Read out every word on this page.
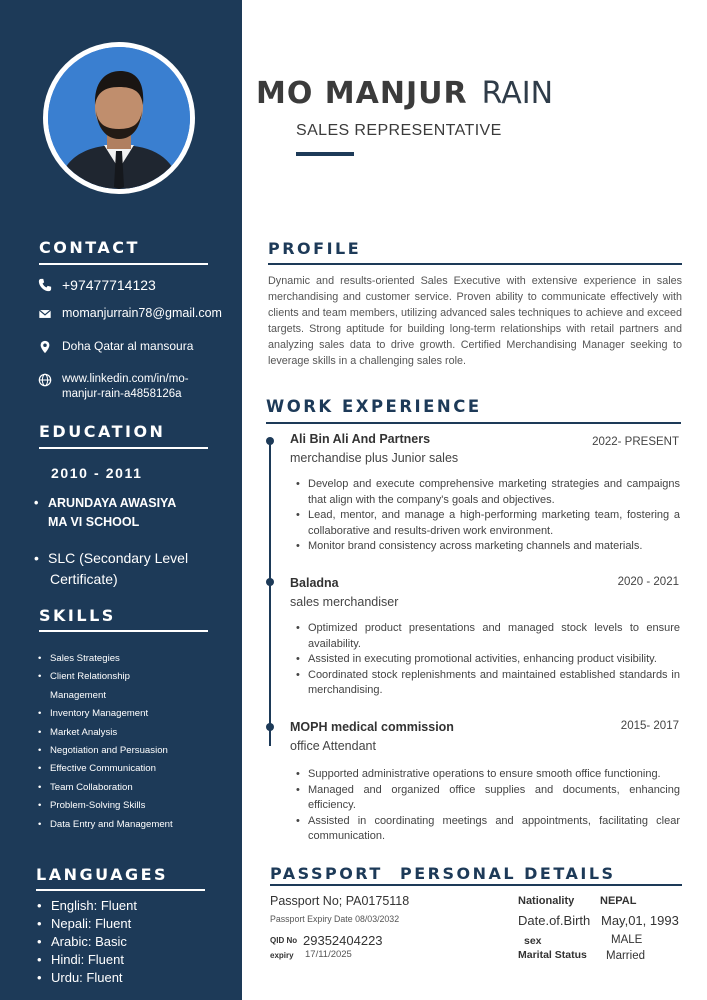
CONTACT
+97477714123
momanjurrain78@gmail.com
Doha Qatar al mansoura
www.linkedin.com/in/mo-
manjur-rain-a4858126a
EDUCATION
2010 - 2011
• ARUNDAYA AWASIYA
MA VI SCHOOL
• SLC (Secondary Level
Certificate)
SKILLS
• Sales Strategies
• Client Relationship
Management
• Inventory Management
• Market Analysis
• Negotiation and Persuasion
• Effective Communication
• Team Collaboration
• Problem-Solving Skills
• Data Entry and Management
LANGUAGES
• English: Fluent
• Nepali: Fluent
• Arabic: Basic
• Hindi: Fluent
• Urdu: Fluent
MO MANJUR RAIN
SALES REPRESENTATIVE
PROFILE
Dynamic and results-oriented Sales Executive with extensive experience in sales merchandising and customer service. Proven ability to communicate effectively with clients and team members, utilizing advanced sales techniques to achieve and exceed targets. Strong aptitude for building long-term relationships with retail partners and analyzing sales data to drive growth. Certified Merchandising Manager seeking to leverage skills in a challenging sales role.
WORK EXPERIENCE
Ali Bin Ali And Partners	2022- PRESENT
merchandise plus Junior sales
• Develop and execute comprehensive marketing strategies and campaigns that align with the company's goals and objectives.
• Lead, mentor, and manage a high-performing marketing team, fostering a collaborative and results-driven work environment.
• Monitor brand consistency across marketing channels and materials.
Baladna	2020 - 2021
sales merchandiser
• Optimized product presentations and managed stock levels to ensure availability.
• Assisted in executing promotional activities, enhancing product visibility.
• Coordinated stock replenishments and maintained established standards in merchandising.
MOPH medical commission	2015- 2017
office Attendant
• Supported administrative operations to ensure smooth office functioning.
• Managed and organized office supplies and documents, enhancing efficiency.
• Assisted in coordinating meetings and appointments, facilitating clear communication.
PASSPORT PERSONAL DETAILS
Passport No; PA0175118
Passport Expiry Date 08/03/2032
QID No 29352404223
expiry 17/11/2025
Nationality NEPAL
Date.of.Birth May,01, 1993
sex	MALE
Marital Status Married
